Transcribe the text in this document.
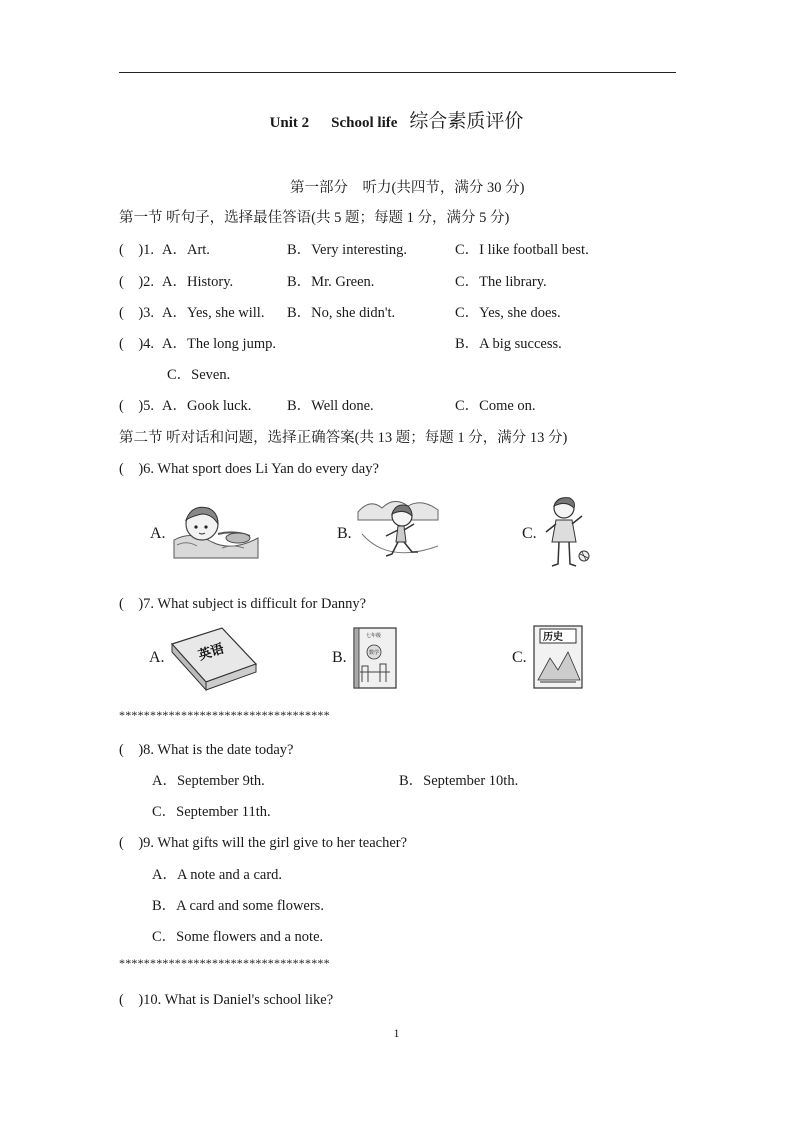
Unit 2 School life 综合素质评价
第一部分　听力(共四节，满分 30 分)
第一节 听句子，选择最佳答语(共 5 题；每题 1 分，满分 5 分)
(　)1. A．Art.	B．Very interesting.	C．I like football best.
(　)2. A．History.	B．Mr. Green.	C．The library.
(　)3. A．Yes, she will. B．No, she didn't.	C．Yes, she does.
(　)4. A．The long jump.	B．A big success.
C．Seven.
(　)5. A．Gook luck. B．Well done.	C．Come on.
第二节 听对话和问题，选择正确答案(共 13 题；每题 1 分，满分 13 分)
(　)6. What sport does Li Yan do every day?
A.	B.	C.
(　)7. What subject is difficult for Danny?
A. 英语	B.
七年级
数学	C.
历史
**********************************
(　)8. What is the date today?
A．September 9th.	B．September 10th.
C．September 11th.
(　)9. What gifts will the girl give to her teacher?
A．A note and a card.
B．A card and some flowers.
C．Some flowers and a note.
**********************************
(　)10. What is Daniel's school like?
1
